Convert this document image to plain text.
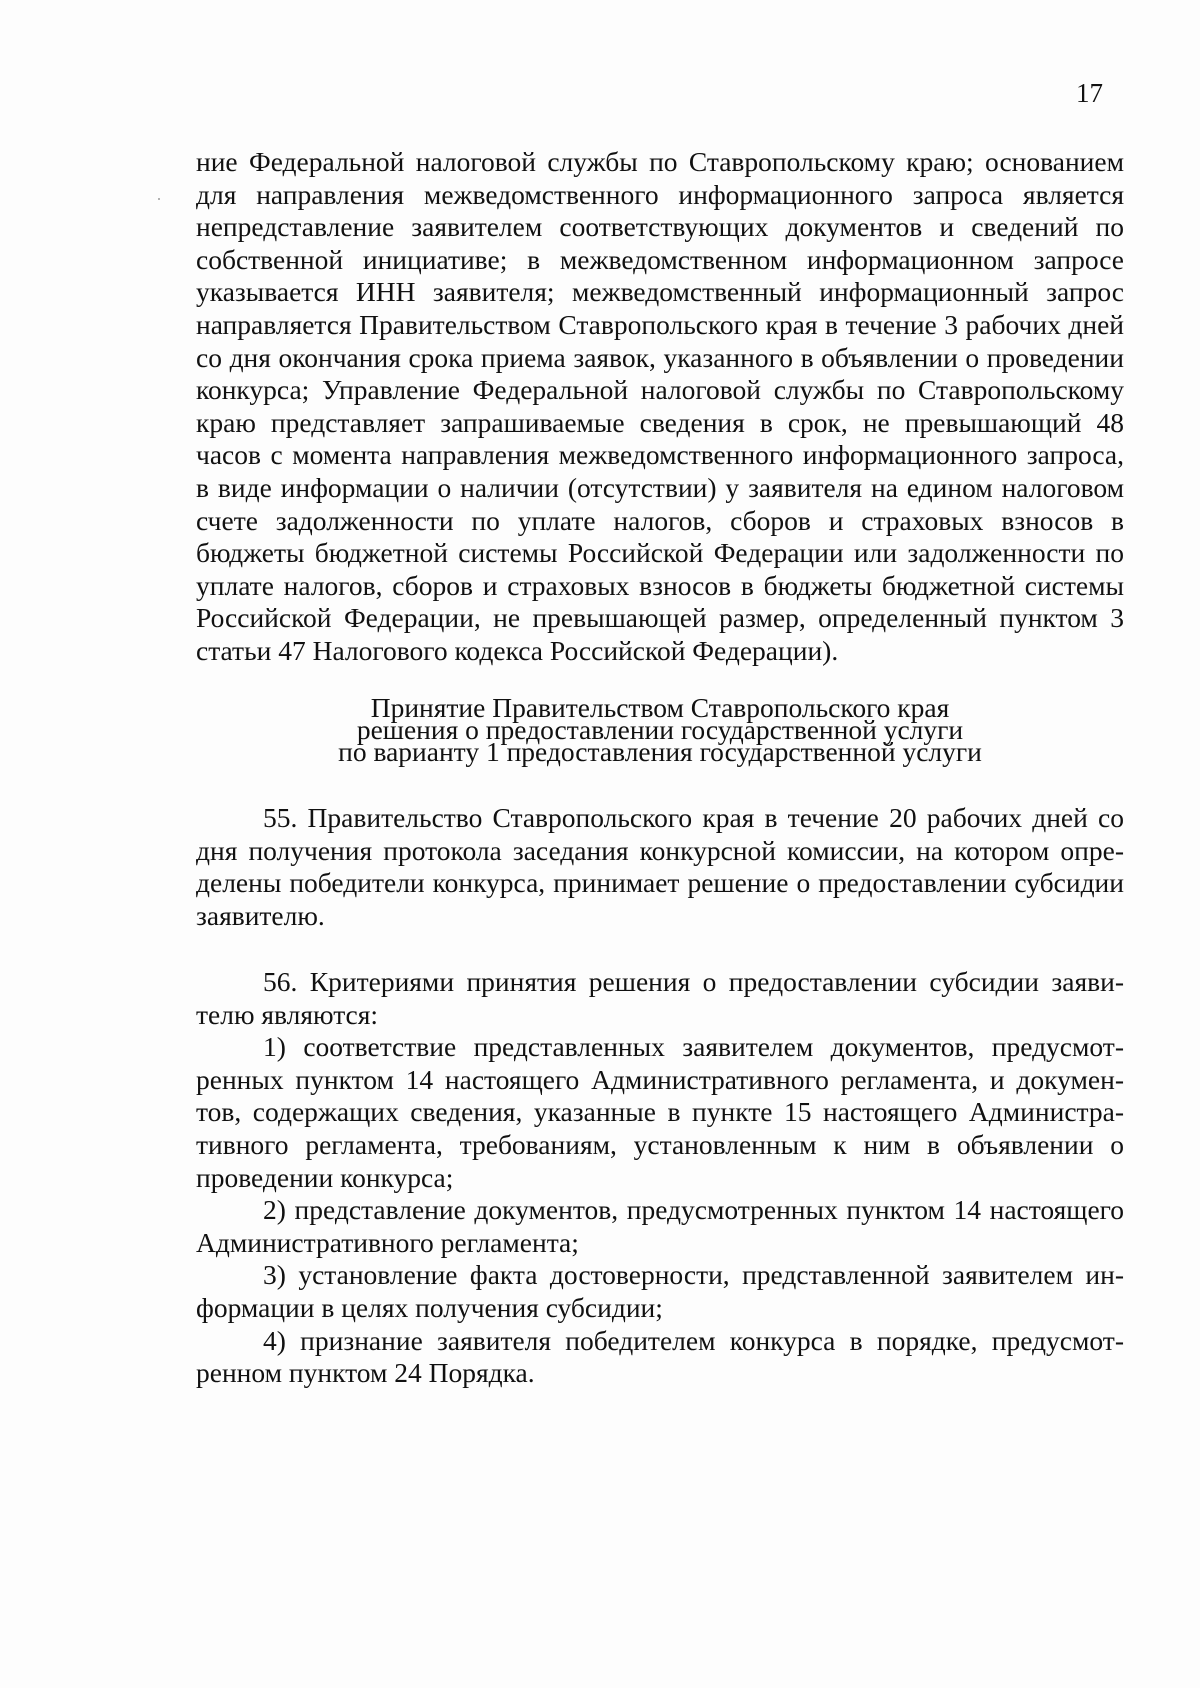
17

ние Федеральной налоговой службы по Ставропольскому краю; основанием для направления межведомственного информационного запроса является непредставление заявителем соответствующих документов и сведений по собственной инициативе; в межведомственном информационном запросе указывается ИНН заявителя; межведомственный информационный запрос направляется Правительством Ставропольского края в течение 3 рабочих дней со дня окончания срока приема заявок, указанного в объявлении о проведении конкурса; Управление Федеральной налоговой службы по Ставропольскому краю представляет запрашиваемые сведения в срок, не превышающий 48 часов с момента направления межведомственного информационного запроса, в виде информации о наличии (отсутствии) у заявителя на едином налоговом счете задолженности по уплате налогов, сборов и страховых взносов в бюджеты бюджетной системы Российской Федерации или задолженности по уплате налогов, сборов и страховых взносов в бюджеты бюджетной системы Российской Федерации, не превышающей размер, определенный пунктом 3 статьи 47 Налогового кодекса Российской Федерации).

Принятие Правительством Ставропольского края
решения о предоставлении государственной услуги
по варианту 1 предоставления государственной услуги

55. Правительство Ставропольского края в течение 20 рабочих дней со дня получения протокола заседания конкурсной комиссии, на котором определены победители конкурса, принимает решение о предоставлении субсидии заявителю.

56. Критериями принятия решения о предоставлении субсидии заявителю являются:

1) соответствие представленных заявителем документов, предусмотренных пунктом 14 настоящего Административного регламента, и документов, содержащих сведения, указанные в пункте 15 настоящего Административного регламента, требованиям, установленным к ним в объявлении о проведении конкурса;

2) представление документов, предусмотренных пунктом 14 настоящего Административного регламента;

3) установление факта достоверности, представленной заявителем информации в целях получения субсидии;

4) признание заявителя победителем конкурса в порядке, предусмотренном пунктом 24 Порядка.
